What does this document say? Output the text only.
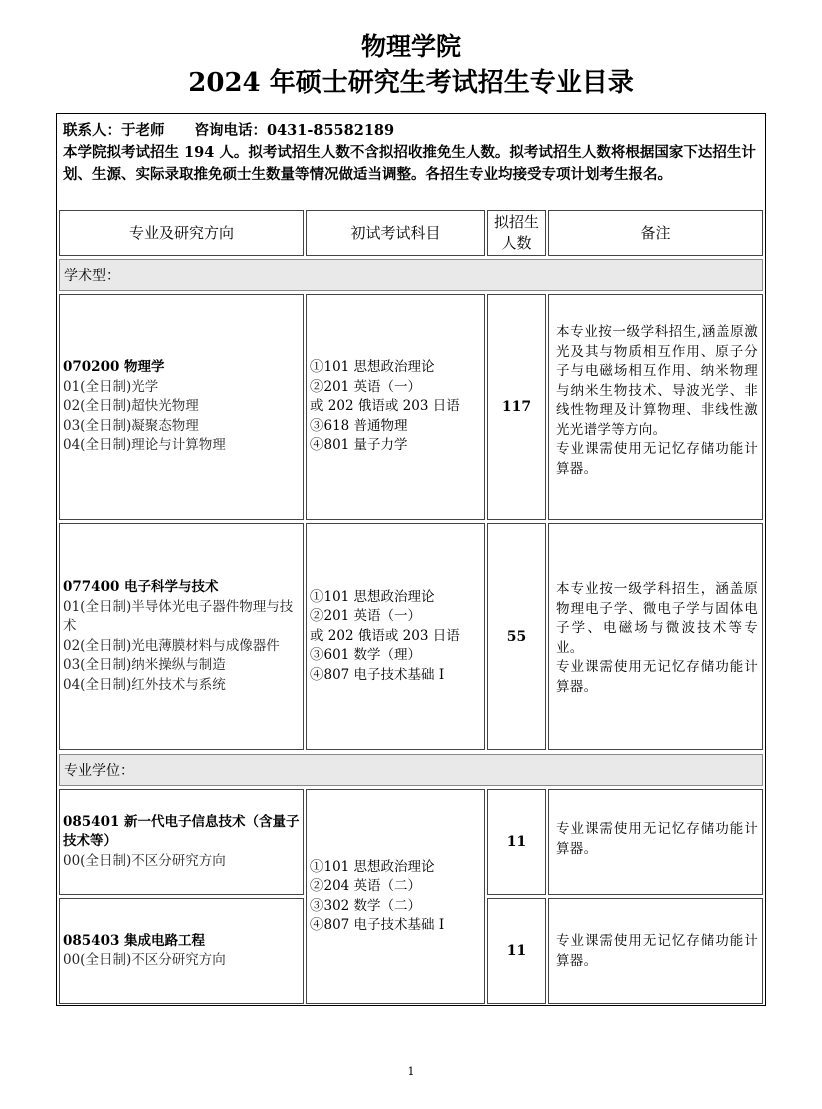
物理学院
2024 年硕士研究生考试招生专业目录
联系人：于老师 咨询电话：0431-85582189
本学院拟考试招生 194 人。拟考试招生人数不含拟招收推免生人数。拟考试招生人数将根据国家下达招生计划、生源、实际录取推免硕士生数量等情况做适当调整。各招生专业均接受专项计划考生报名。
专业及研究方向	初试考试科目
拟招生
人数
备注
学术型：
070200 物理学
01(全日制)光学
02(全日制)超快光物理
03(全日制)凝聚态物理
04(全日制)理论与计算物理
①101 思想政治理论
②201 英语（一）
或 202 俄语或 203 日语
③618 普通物理
④801 量子力学
117
本专业按一级学科招生,涵盖原激光及其与物质相互作用、原子分子与电磁场相互作用、纳米物理与纳米生物技术、导波光学、非线性物理及计算物理、非线性激光光谱学等方向。
专业课需使用无记忆存储功能计算器。
077400 电子科学与技术
01(全日制)半导体光电子器件物理与技术
02(全日制)光电薄膜材料与成像器件
03(全日制)纳米操纵与制造
04(全日制)红外技术与系统
①101 思想政治理论
②201 英语（一）
或 202 俄语或 203 日语
③601 数学（理）
④807 电子技术基础 I
55
本专业按一级学科招生，涵盖原物理电子学、微电子学与固体电子学、电磁场与微波技术等专业。
专业课需使用无记忆存储功能计算器。
专业学位：
085401 新一代电子信息技术（含量子技术等）
00(全日制)不区分研究方向	①101 思想政治理论
②204 英语（二）
③302 数学（二）
④807 电子技术基础 I
11
专业课需使用无记忆存储功能计算器。
085403 集成电路工程
00(全日制)不区分研究方向
11
专业课需使用无记忆存储功能计算器。
1
